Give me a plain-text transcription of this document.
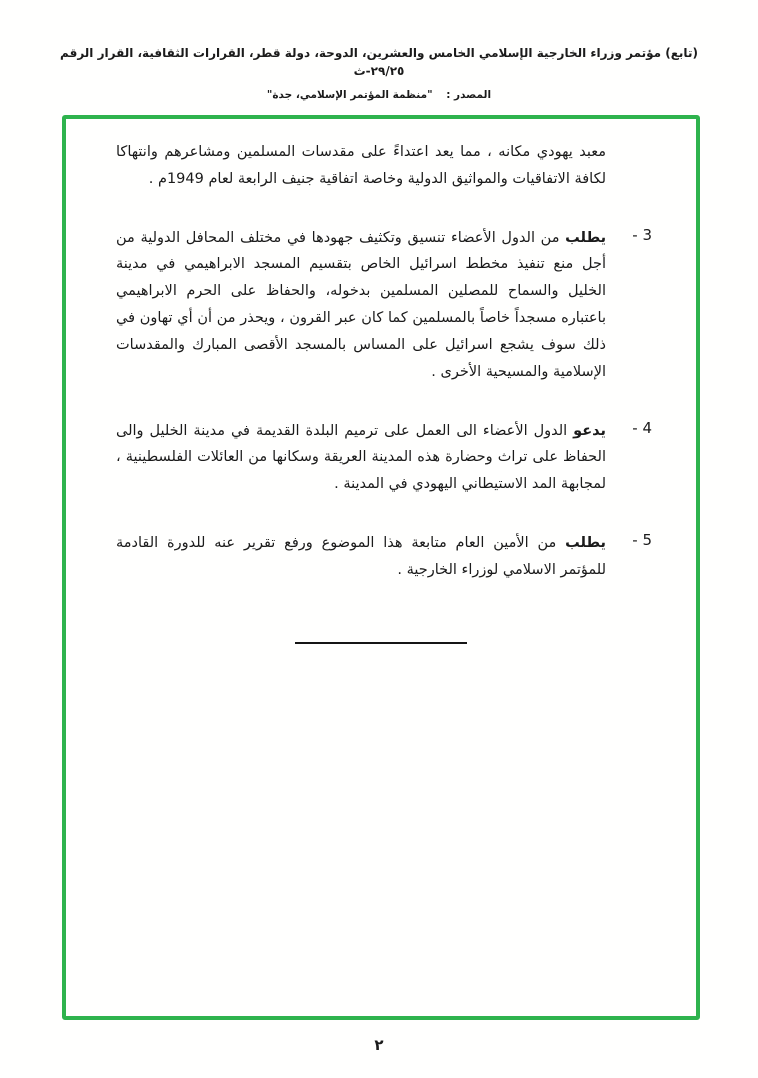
(تابع) مؤتمر وزراء الخارجية الإسلامي الخامس والعشرين، الدوحة، دولة قطر، القرارات الثقافية، القرار الرقم ٢٩/٢٥-ث
المصدر : "منظمة المؤتمر الإسلامي، جدة"

معبد يهودي مكانه ، مما يعد اعتداءً على مقدسات المسلمين ومشاعرهم وانتهاكا لكافة الاتفاقيات والمواثيق الدولية وخاصة اتفاقية جنيف الرابعة لعام 1949م .

3 -

يطلب من الدول الأعضاء تنسيق وتكثيف جهودها في مختلف المحافل الدولية من أجل منع تنفيذ مخطط اسرائيل الخاص بتقسيم المسجد الابراهيمي في مدينة الخليل والسماح للمصلين المسلمين بدخوله، والحفاظ على الحرم الابراهيمي باعتباره مسجداً خاصاً بالمسلمين كما كان عبر القرون ، ويحذر من أن أي تهاون في ذلك سوف يشجع اسرائيل على المساس بالمسجد الأقصى المبارك والمقدسات الإسلامية والمسيحية الأخرى .

4 -

يدعو الدول الأعضاء الى العمل على ترميم البلدة القديمة في مدينة الخليل والى الحفاظ على تراث وحضارة هذه المدينة العريقة وسكانها من العائلات الفلسطينية ، لمجابهة المد الاستيطاني اليهودي في المدينة .

5 -

يطلب من الأمين العام متابعة هذا الموضوع ورفع تقرير عنه للدورة القادمة للمؤتمر الاسلامي لوزراء الخارجية .

٢
